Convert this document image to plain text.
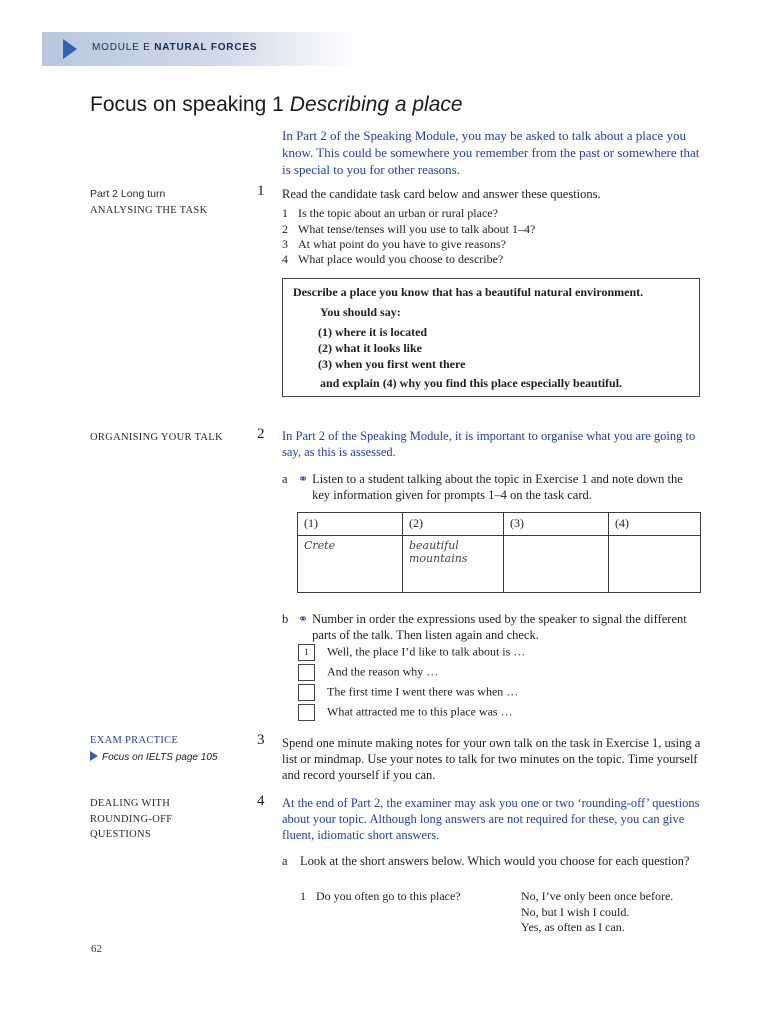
MODULE E NATURAL FORCES
Focus on speaking 1 Describing a place
In Part 2 of the Speaking Module, you may be asked to talk about a place you know. This could be somewhere you remember from the past or somewhere that is special to you for other reasons.
Part 2 Long turn
ANALYSING THE TASK
1 Read the candidate task card below and answer these questions.
1 Is the topic about an urban or rural place?
2 What tense/tenses will you use to talk about 1–4?
3 At what point do you have to give reasons?
4 What place would you choose to describe?
Describe a place you know that has a beautiful natural environment.
You should say:
(1) where it is located
(2) what it looks like
(3) when you first went there
and explain (4) why you find this place especially beautiful.
ORGANISING YOUR TALK 2 In Part 2 of the Speaking Module, it is important to organise what you are going to say, as this is assessed.
a ⚭ Listen to a student talking about the topic in Exercise 1 and note down the key information given for prompts 1–4 on the task card.
(1)	(2)	(3)	(4)
Crete	beautiful
mountains		
b ⚭ Number in order the expressions used by the speaker to signal the different parts of the talk. Then listen again and check.
1 Well, the place I’d like to talk about is …
And the reason why …
The first time I went there was when …
What attracted me to this place was …
EXAM PRACTICE
Focus on IELTS page 105
3 Spend one minute making notes for your own talk on the task in Exercise 1, using a list or mindmap. Use your notes to talk for two minutes on the topic. Time yourself and record yourself if you can.
DEALING WITH
ROUNDING-OFF
QUESTIONS
4 At the end of Part 2, the examiner may ask you one or two ‘rounding-off’ questions about your topic. Although long answers are not required for these, you can give fluent, idiomatic short answers.
a Look at the short answers below. Which would you choose for each question?
1 Do you often go to this place?	No, I’ve only been once before.
No, but I wish I could.
Yes, as often as I can.
62
